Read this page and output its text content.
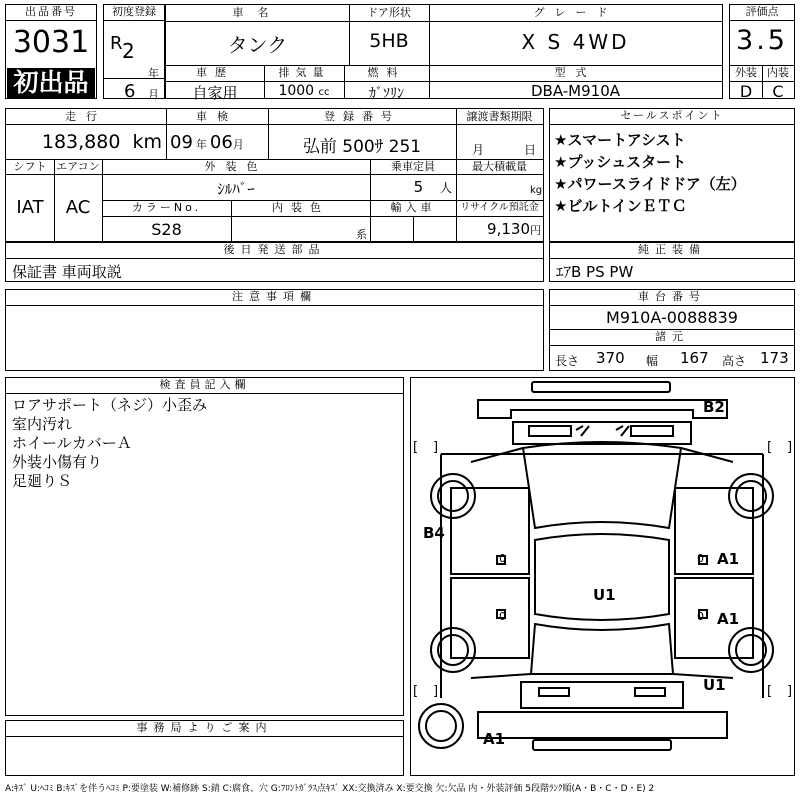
出品番号
3031
初出品
初度登録
R 2
年
6 月
車名
タンク
ドア形状
5HB
グレード
X S 4WD
車歴
自家用
排気量
1000 cc
燃料
ｶﾞｿﾘﾝ
型式
DBA-M910A
評価点
3.5
外装 内装
D	C
走行
183,880 km
車検
09 年 06月
登録番号
弘前 500ｻ 251
譲渡書類期限
月	日
シフト
IAT
エアコン
AC
外装色
ｼﾙﾊﾞｰ
乗車定員
5 人
最大積載量
kg
カラーNo.
S28
内装色
系
輸入車	リサイクル預託金
9,130円
セールスポイント
★スマートアシスト
★プッシュスタート
★パワースライドドア（左）
★ビルトインＥＴＣ
後日発送部品
保証書 車両取説
純正装備
ｴｱB PS PW
注意事項欄	車台番号
M910A-0088839
諸元
長さ 370 幅 167 高さ 173
検査員記入欄
ロアサポート（ネジ）小歪み
室内汚れ
ホイールカバーＡ
外装小傷有り
足廻りＳ
事務局よりご案内
B2
B4
A1
A1
U1
U1
A1
0	0
0	0
[ ]	[ ]
[ ]	[ ]
A:ｷｽﾞ U:ﾍｺﾐ B:ｷｽﾞを伴うﾍｺﾐ P:要塗装 W:補修跡 S:錆 C:腐食、穴 G:ﾌﾛﾝﾄｶﾞﾗｽ点ｷｽﾞ XX:交換済み X:要交換 欠:欠品 内・外装評価 5段階ﾗﾝｸ順(A・B・C・D・E) 2
